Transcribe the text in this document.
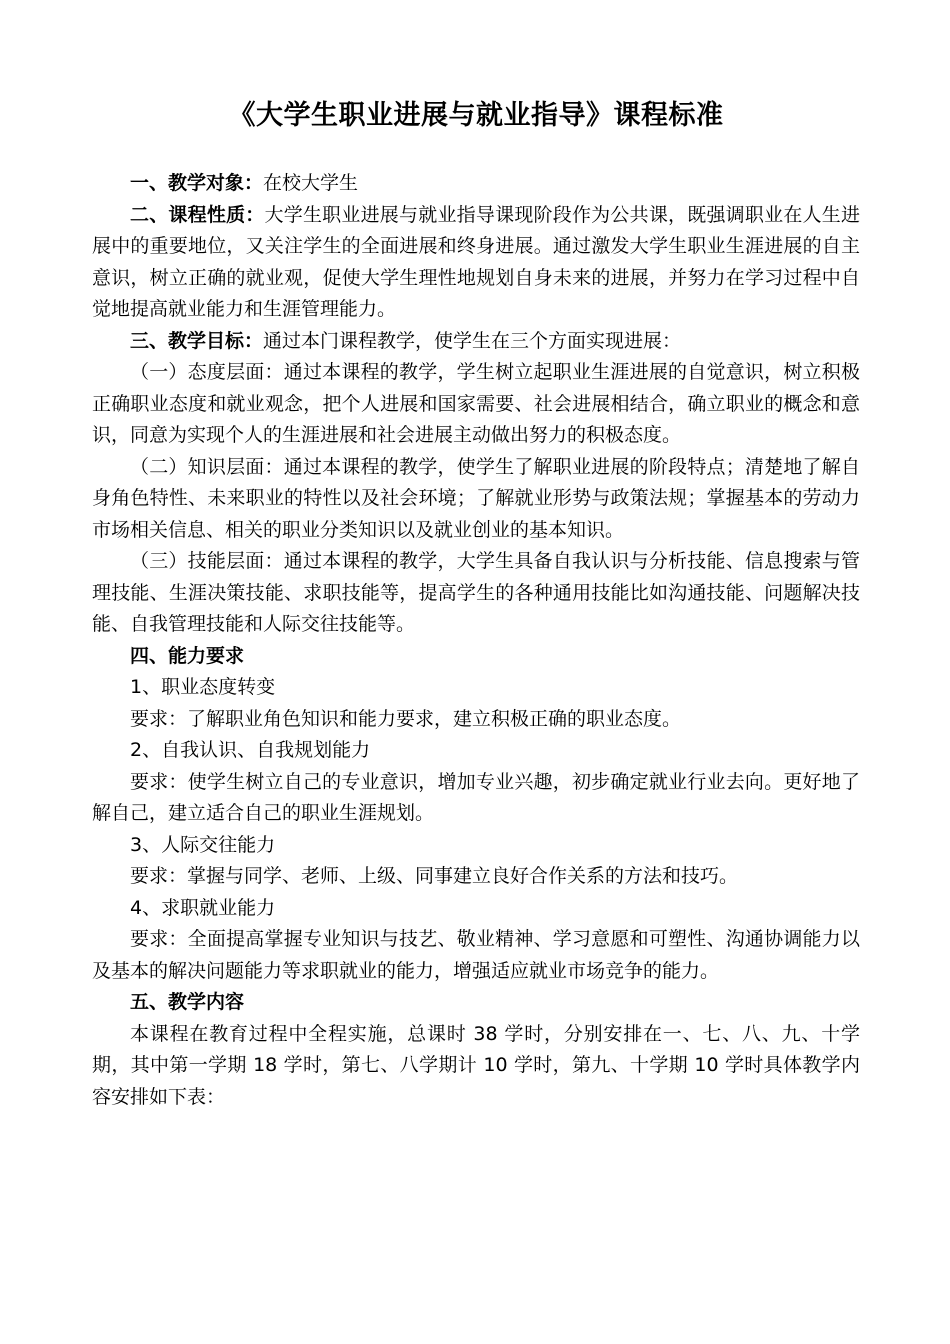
《大学生职业进展与就业指导》课程标准

一、教学对象：在校大学生

二、课程性质：大学生职业进展与就业指导课现阶段作为公共课，既强调职业在人生进展中的重要地位，又关注学生的全面进展和终身进展。通过激发大学生职业生涯进展的自主意识，树立正确的就业观，促使大学生理性地规划自身未来的进展，并努力在学习过程中自觉地提高就业能力和生涯管理能力。

三、教学目标：通过本门课程教学，使学生在三个方面实现进展：

（一）态度层面：通过本课程的教学，学生树立起职业生涯进展的自觉意识，树立积极正确职业态度和就业观念，把个人进展和国家需要、社会进展相结合，确立职业的概念和意识，同意为实现个人的生涯进展和社会进展主动做出努力的积极态度。

（二）知识层面：通过本课程的教学，使学生了解职业进展的阶段特点；清楚地了解自身角色特性、未来职业的特性以及社会环境；了解就业形势与政策法规；掌握基本的劳动力市场相关信息、相关的职业分类知识以及就业创业的基本知识。

（三）技能层面：通过本课程的教学，大学生具备自我认识与分析技能、信息搜索与管理技能、生涯决策技能、求职技能等，提高学生的各种通用技能比如沟通技能、问题解决技能、自我管理技能和人际交往技能等。

四、能力要求

1、职业态度转变

要求：了解职业角色知识和能力要求，建立积极正确的职业态度。

2、自我认识、自我规划能力

要求：使学生树立自己的专业意识，增加专业兴趣，初步确定就业行业去向。更好地了解自己，建立适合自己的职业生涯规划。

3、人际交往能力

要求：掌握与同学、老师、上级、同事建立良好合作关系的方法和技巧。

4、求职就业能力

要求：全面提高掌握专业知识与技艺、敬业精神、学习意愿和可塑性、沟通协调能力以及基本的解决问题能力等求职就业的能力，增强适应就业市场竞争的能力。

五、教学内容

本课程在教育过程中全程实施，总课时 38 学时，分别安排在一、七、八、九、十学期，其中第一学期 18 学时，第七、八学期计 10 学时，第九、十学期 10 学时具体教学内容安排如下表：
